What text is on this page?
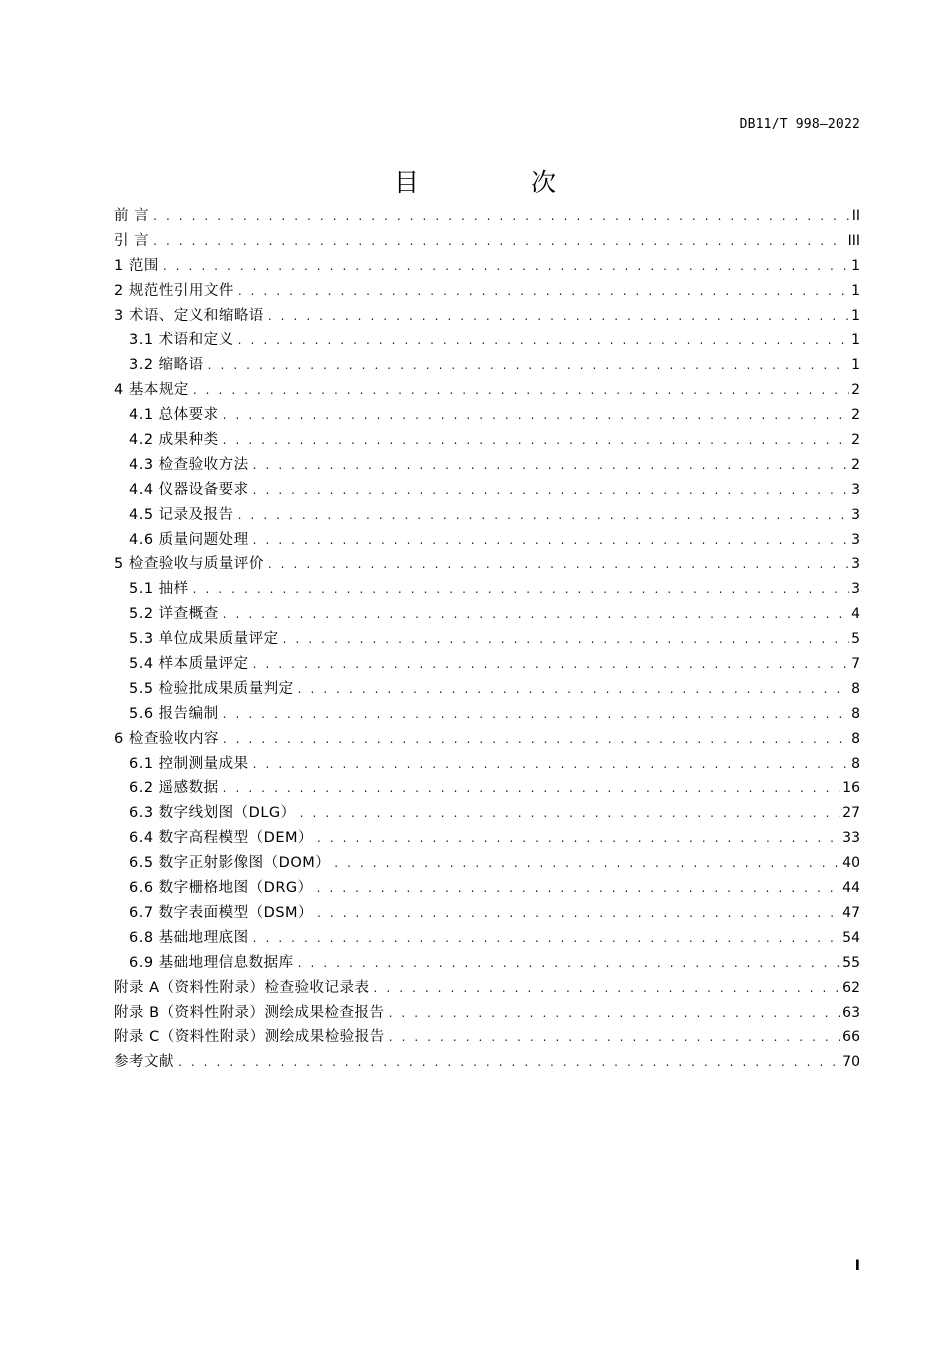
DB11/T 998—2022
目 次
前 言 . . .	II
引 言 . . .	III
1 范围 . . .	1
2 规范性引用文件 . . .	1
3 术语、定义和缩略语 . . .	1
3.1 术语和定义 . . .	1
3.2 缩略语 . . .	1
4 基本规定 . . .	2
4.1 总体要求 . . .	2
4.2 成果种类 . . .	2
4.3 检查验收方法 . . .	2
4.4 仪器设备要求 . . .	3
4.5 记录及报告 . . .	3
4.6 质量问题处理 . . .	3
5 检查验收与质量评价 . . .	3
5.1 抽样 . . .	3
5.2 详查概查 . . .	4
5.3 单位成果质量评定 . . .	5
5.4 样本质量评定 . . .	7
5.5 检验批成果质量判定 . . .	8
5.6 报告编制 . . .	8
6 检查验收内容 . . .	8
6.1 控制测量成果 . . .	8
6.2 遥感数据 . . .	16
6.3 数字线划图（DLG） . . .	27
6.4 数字高程模型（DEM） . . .	33
6.5 数字正射影像图（DOM） . . .	40
6.6 数字栅格地图（DRG） . . .	44
6.7 数字表面模型（DSM） . . .	47
6.8 基础地理底图 . . .	54
6.9 基础地理信息数据库 . . .	55
附录 A（资料性附录）检查验收记录表 . . .	62
附录 B（资料性附录）测绘成果检查报告 . . .	63
附录 C（资料性附录）测绘成果检验报告 . . .	66
参考文献 . . .	70
I
